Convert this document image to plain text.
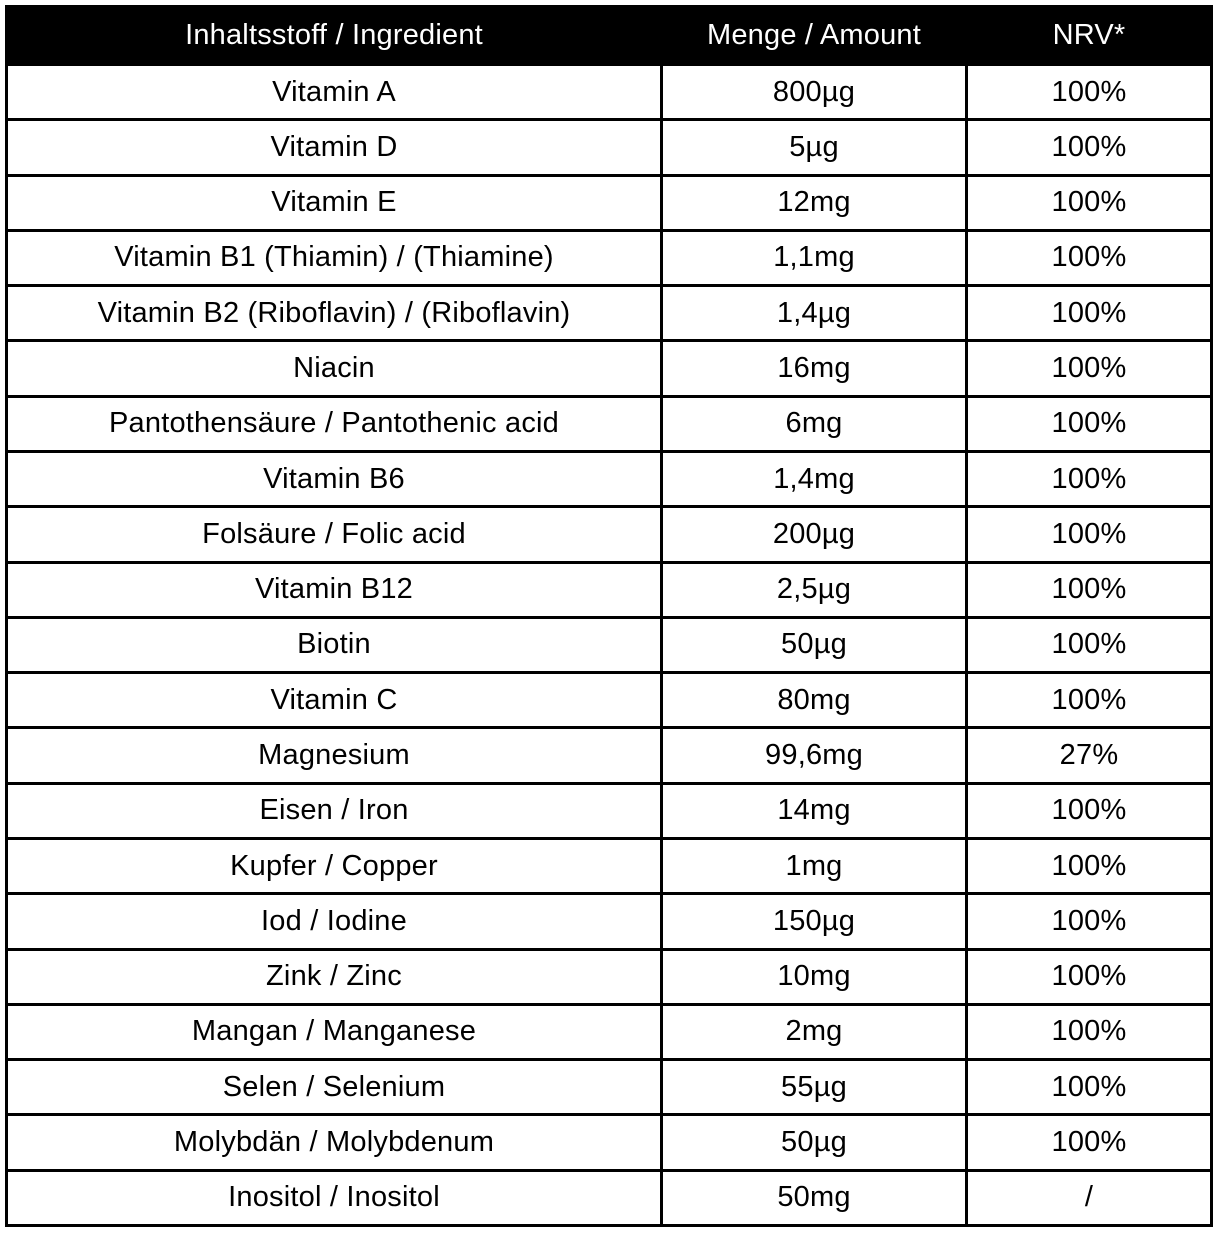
Inhaltsstoff / Ingredient	Menge / Amount	NRV*
Vitamin A	800µg	100%
Vitamin D	5µg	100%
Vitamin E	12mg	100%
Vitamin B1 (Thiamin) / (Thiamine)	1,1mg	100%
Vitamin B2 (Riboflavin) / (Riboflavin)	1,4µg	100%
Niacin	16mg	100%
Pantothensäure / Pantothenic acid	6mg	100%
Vitamin B6	1,4mg	100%
Folsäure / Folic acid	200µg	100%
Vitamin B12	2,5µg	100%
Biotin	50µg	100%
Vitamin C	80mg	100%
Magnesium	99,6mg	27%
Eisen / Iron	14mg	100%
Kupfer / Copper	1mg	100%
Iod / Iodine	150µg	100%
Zink / Zinc	10mg	100%
Mangan / Manganese	2mg	100%
Selen / Selenium	55µg	100%
Molybdän / Molybdenum	50µg	100%
Inositol / Inositol	50mg	/
